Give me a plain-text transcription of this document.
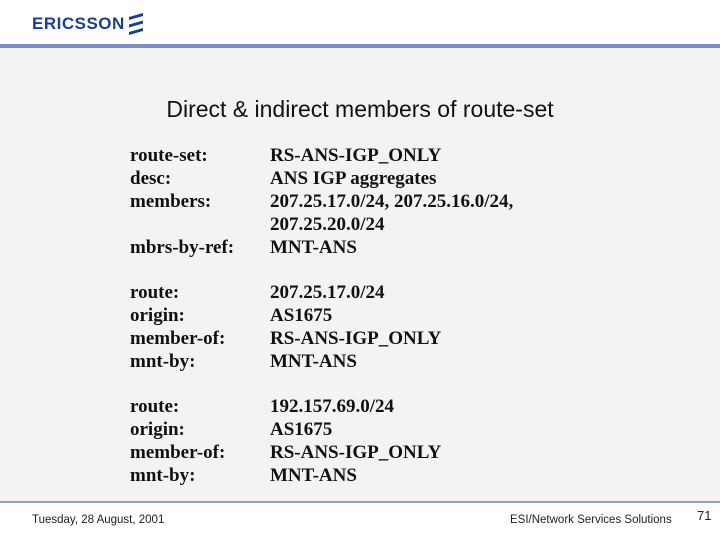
ERICSSON
Direct & indirect members of route-set
route-set:	RS-ANS-IGP_ONLY
desc:	ANS IGP aggregates
members:	207.25.17.0/24, 207.25.16.0/24,
207.25.20.0/24
mbrs-by-ref:	MNT-ANS
route:	207.25.17.0/24
origin:	AS1675
member-of:	RS-ANS-IGP_ONLY
mnt-by:	MNT-ANS
route:	192.157.69.0/24
origin:	AS1675
member-of:	RS-ANS-IGP_ONLY
mnt-by:	MNT-ANS
Tuesday, 28 August, 2001	ESI/Network Services Solutions 71
